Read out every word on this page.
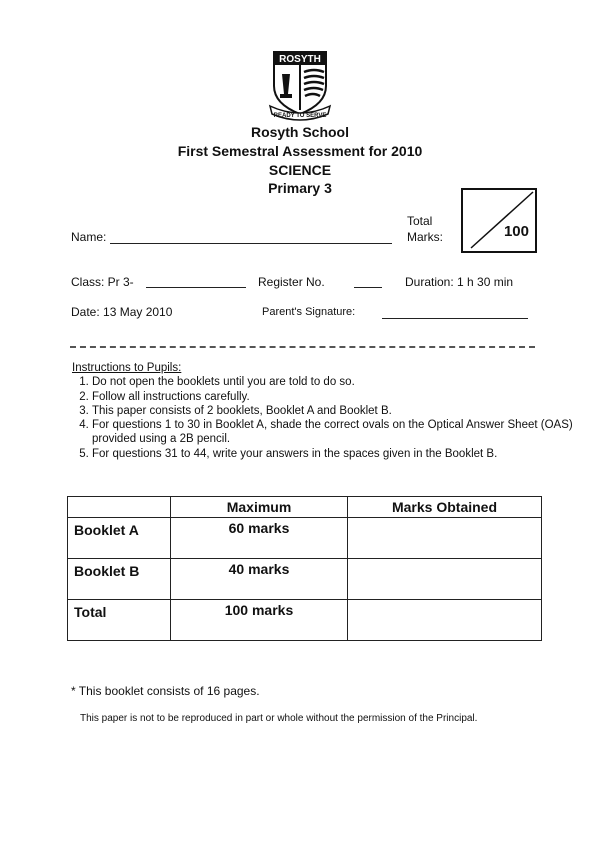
ROSYTH
READY TO SERVE
Rosyth School
First Semestral Assessment for 2010
SCIENCE
Primary 3
Name:
Total
Marks:	100
Class: Pr 3-	Register No.	Duration: 1 h 30 min
Date: 13 May 2010	Parent's Signature:
Instructions to Pupils:
1. Do not open the booklets until you are told to do so.
2. Follow all instructions carefully.
3. This paper consists of 2 booklets, Booklet A and Booklet B.
4. For questions 1 to 30 in Booklet A, shade the correct ovals on the Optical Answer Sheet (OAS) provided using a 2B pencil.
5. For questions 31 to 44, write your answers in the spaces given in the Booklet B.
	Maximum	Marks Obtained
Booklet A	60 marks	
Booklet B	40 marks	
Total	100 marks	
* This booklet consists of 16 pages.
This paper is not to be reproduced in part or whole without the permission of the Principal.
